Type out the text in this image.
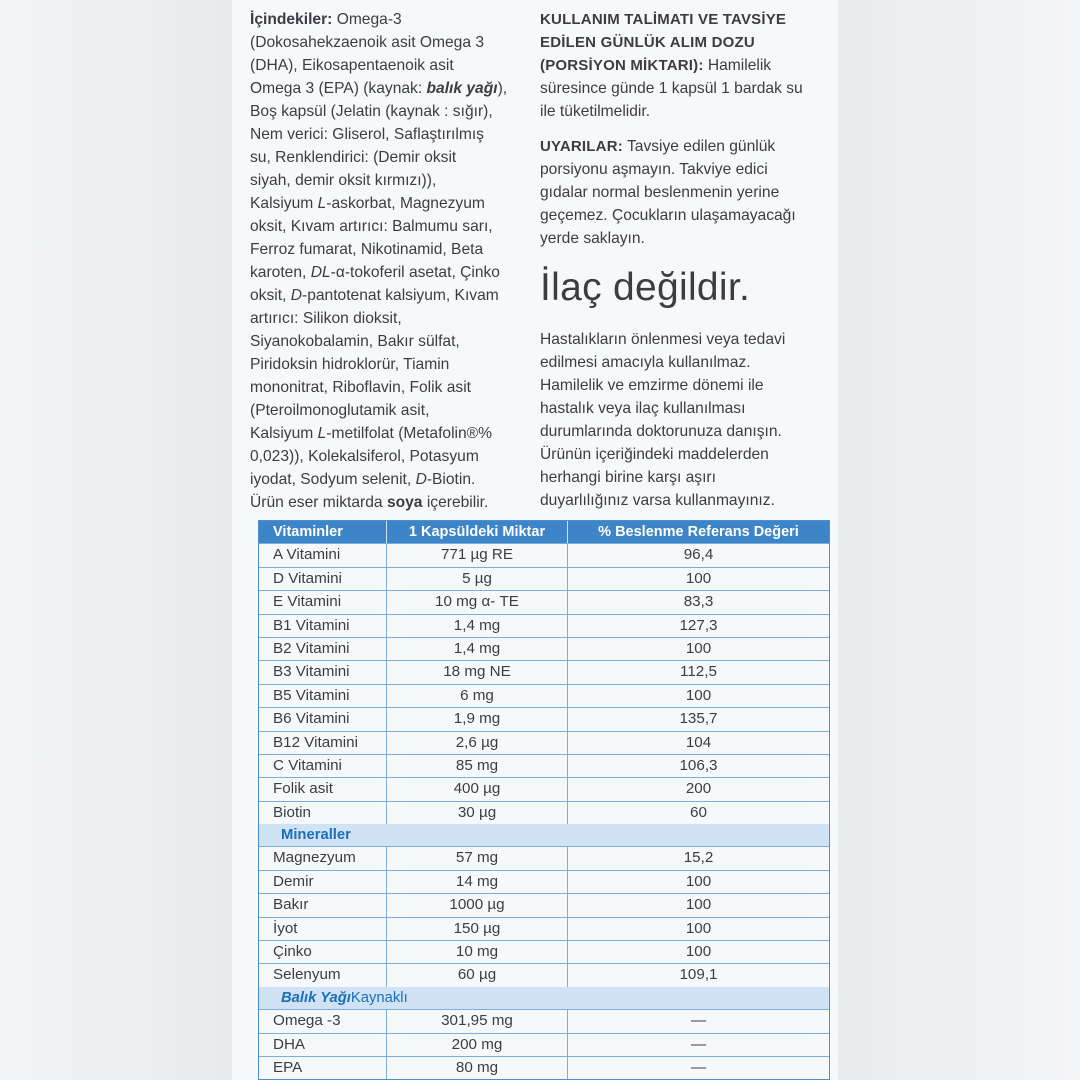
İçindekiler: Omega-3
(Dokosahekzaenoik asit Omega 3
(DHA), Eikosapentaenoik asit
Omega 3 (EPA) (kaynak: balık yağı),
Boş kapsül (Jelatin (kaynak : sığır),
Nem verici: Gliserol, Saflaştırılmış
su, Renklendirici: (Demir oksit
siyah, demir oksit kırmızı)),
Kalsiyum L-askorbat, Magnezyum
oksit, Kıvam artırıcı: Balmumu sarı,
Ferroz fumarat, Nikotinamid, Beta
karoten, DL-α-tokoferil asetat, Çinko
oksit, D-pantotenat kalsiyum, Kıvam
artırıcı: Silikon dioksit,
Siyanokobalamin, Bakır sülfat,
Piridoksin hidroklorür, Tiamin
mononitrat, Riboflavin, Folik asit
(Pteroilmonoglutamik asit,
Kalsiyum L-metilfolat (Metafolin®%
0,023)), Kolekalsiferol, Potasyum
iyodat, Sodyum selenit, D-Biotin.
Ürün eser miktarda soya içerebilir.
KULLANIM TALİMATI VE TAVSİYE
EDİLEN GÜNLÜK ALIM DOZU
(PORSİYON MİKTARI): Hamilelik
süresince günde 1 kapsül 1 bardak su
ile tüketilmelidir.
UYARILAR: Tavsiye edilen günlük
porsiyonu aşmayın. Takviye edici
gıdalar normal beslenmenin yerine
geçemez. Çocukların ulaşamayacağı
yerde saklayın.
İlaç değildir.
Hastalıkların önlenmesi veya tedavi
edilmesi amacıyla kullanılmaz.
Hamilelik ve emzirme dönemi ile
hastalık veya ilaç kullanılması
durumlarında doktorunuza danışın.
Ürünün içeriğindeki maddelerden
herhangi birine karşı aşırı
duyarlılığınız varsa kullanmayınız.
Vitaminler	1 Kapsüldeki Miktar	% Beslenme Referans Değeri
A Vitamini	771 µg RE	96,4
D Vitamini	5 µg	100
E Vitamini	10 mg α- TE	83,3
B1 Vitamini	1,4 mg	127,3
B2 Vitamini	1,4 mg	100
B3 Vitamini	18 mg NE	112,5
B5 Vitamini	6 mg	100
B6 Vitamini	1,9 mg	135,7
B12 Vitamini	2,6 µg	104
C Vitamini	85 mg	106,3
Folik asit	400 µg	200
Biotin	30 µg	60
Mineraller
Magnezyum	57 mg	15,2
Demir	14 mg	100
Bakır	1000 µg	100
İyot	150 µg	100
Çinko	10 mg	100
Selenyum	60 µg	109,1
Balık Yağı Kaynaklı
Omega -3	301,95 mg	—
DHA	200 mg	—
EPA	80 mg	—
